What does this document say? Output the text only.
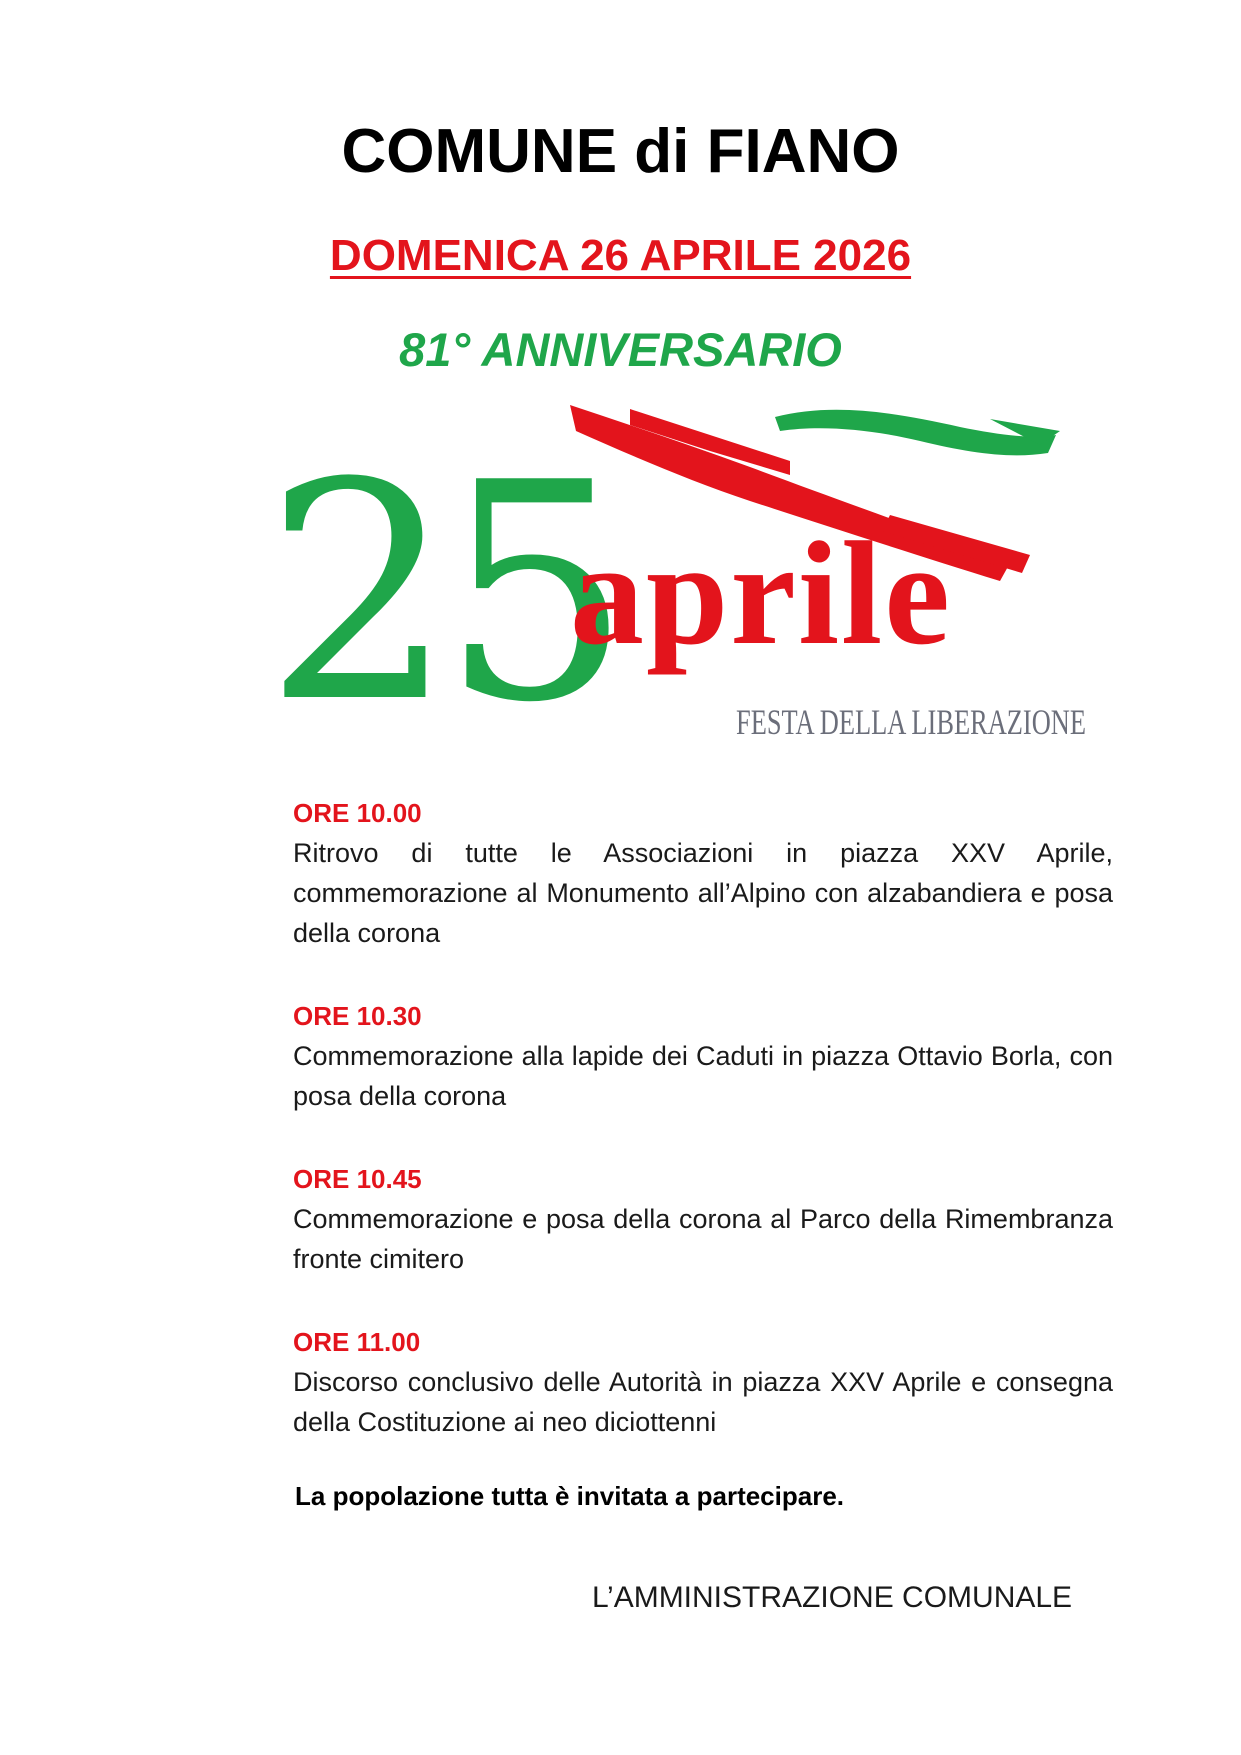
COMUNE di FIANO
DOMENICA 26 APRILE 2026
81° ANNIVERSARIO
25
aprile
FESTA DELLA LIBERAZIONE

ORE 10.00

Ritrovo di tutte le Associazioni in piazza XXV Aprile, commemorazione al Monumento all’Alpino con alzabandiera e posa della corona

ORE 10.30

Commemorazione alla lapide dei Caduti in piazza Ottavio Borla, con posa della corona

ORE 10.45

Commemorazione e posa della corona al Parco della Rimembranza fronte cimitero

ORE 11.00

Discorso conclusivo delle Autorità in piazza XXV Aprile e consegna della Costituzione ai neo diciottenni

La popolazione tutta è invitata a partecipare.

L’AMMINISTRAZIONE COMUNALE
